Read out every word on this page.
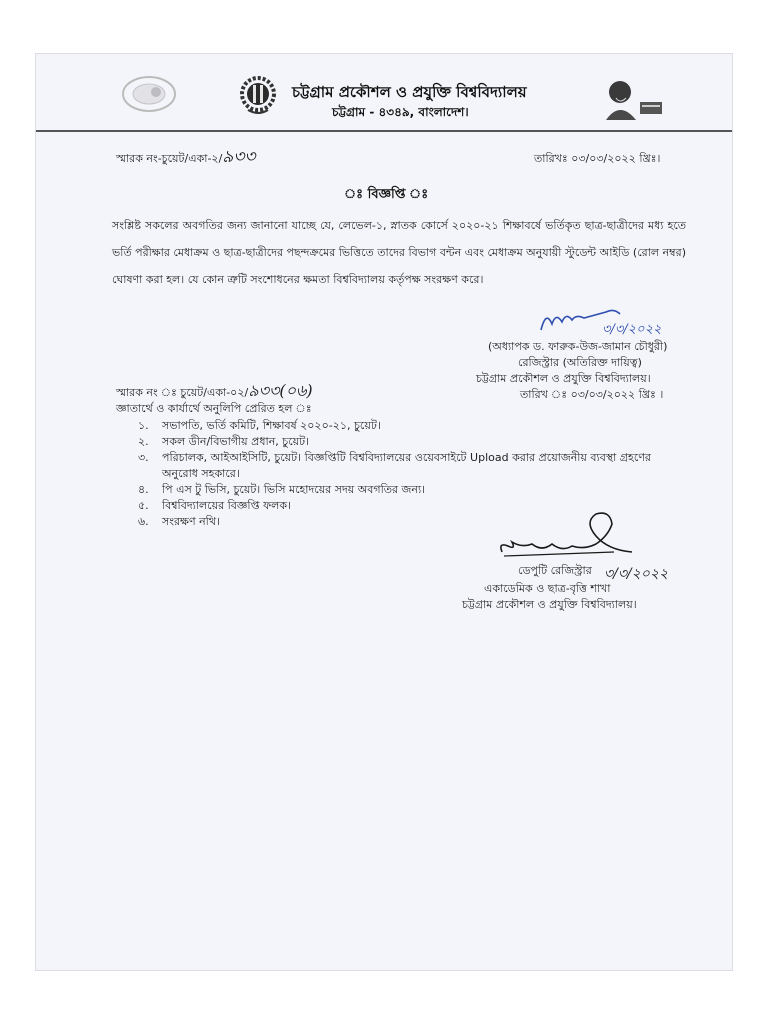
চট্টগ্রাম প্রকৌশল ও প্রযুক্তি বিশ্ববিদ্যালয়
চট্টগ্রাম - ৪৩৪৯, বাংলাদেশ।
স্মারক নং-চুয়েট/একা-২/৯৩৩	তারিখঃ ০৩/০৩/২০২২ খ্রিঃ।
ঃ বিজ্ঞপ্তি ঃ
সংশ্লিষ্ট সকলের অবগতির জন্য জানানো যাচ্ছে যে, লেভেল-১, স্নাতক কোর্সে ২০২০-২১ শিক্ষাবর্ষে ভর্তিকৃত ছাত্র-ছাত্রীদের মধ্য হতে ভর্তি পরীক্ষার মেধাক্রম ও ছাত্র-ছাত্রীদের পছন্দক্রমের ভিত্তিতে তাদের বিভাগ বন্টন এবং মেধাক্রম অনুযায়ী স্টুডেন্ট আইডি (রোল নম্বর) ঘোষণা করা হল। যে কোন ত্রুটি সংশোধনের ক্ষমতা বিশ্ববিদ্যালয় কর্তৃপক্ষ সংরক্ষণ করে।
৩/৩/২০২২
(অধ্যাপক ড. ফারুক-উজ-জামান চৌধুরী)
রেজিস্ট্রার (অতিরিক্ত দায়িত্ব)
চট্টগ্রাম প্রকৌশল ও প্রযুক্তি বিশ্ববিদ্যালয়।
তারিখ ঃ ০৩/০৩/২০২২ খ্রিঃ ।
স্মারক নং ঃ চুয়েট/একা-০২/৯৩৩(০৬)
জ্ঞাতার্থে ও কার্যার্থে অনুলিপি প্রেরিত হল ঃ
১.	সভাপতি, ভর্তি কমিটি, শিক্ষাবর্ষ ২০২০-২১, চুয়েট।
২.	সকল ডীন/বিভাগীয় প্রধান, চুয়েট।
৩.	পরিচালক, আইআইসিটি, চুয়েট। বিজ্ঞপ্তিটি বিশ্ববিদ্যালয়ের ওয়েবসাইটে Upload করার প্রয়োজনীয় ব্যবস্থা গ্রহণের অনুরোধ সহকারে।
৪.	পি এস টু ভিসি, চুয়েট। ভিসি মহোদয়ের সদয় অবগতির জন্য।
৫.	বিশ্ববিদ্যালয়ের বিজ্ঞপ্তি ফলক।
৬.	সংরক্ষণ নথি।
৩/৩/২০২২
ডেপুটি রেজিস্ট্রার
একাডেমিক ও ছাত্র-বৃত্তি শাখা
চট্টগ্রাম প্রকৌশল ও প্রযুক্তি বিশ্ববিদ্যালয়।
